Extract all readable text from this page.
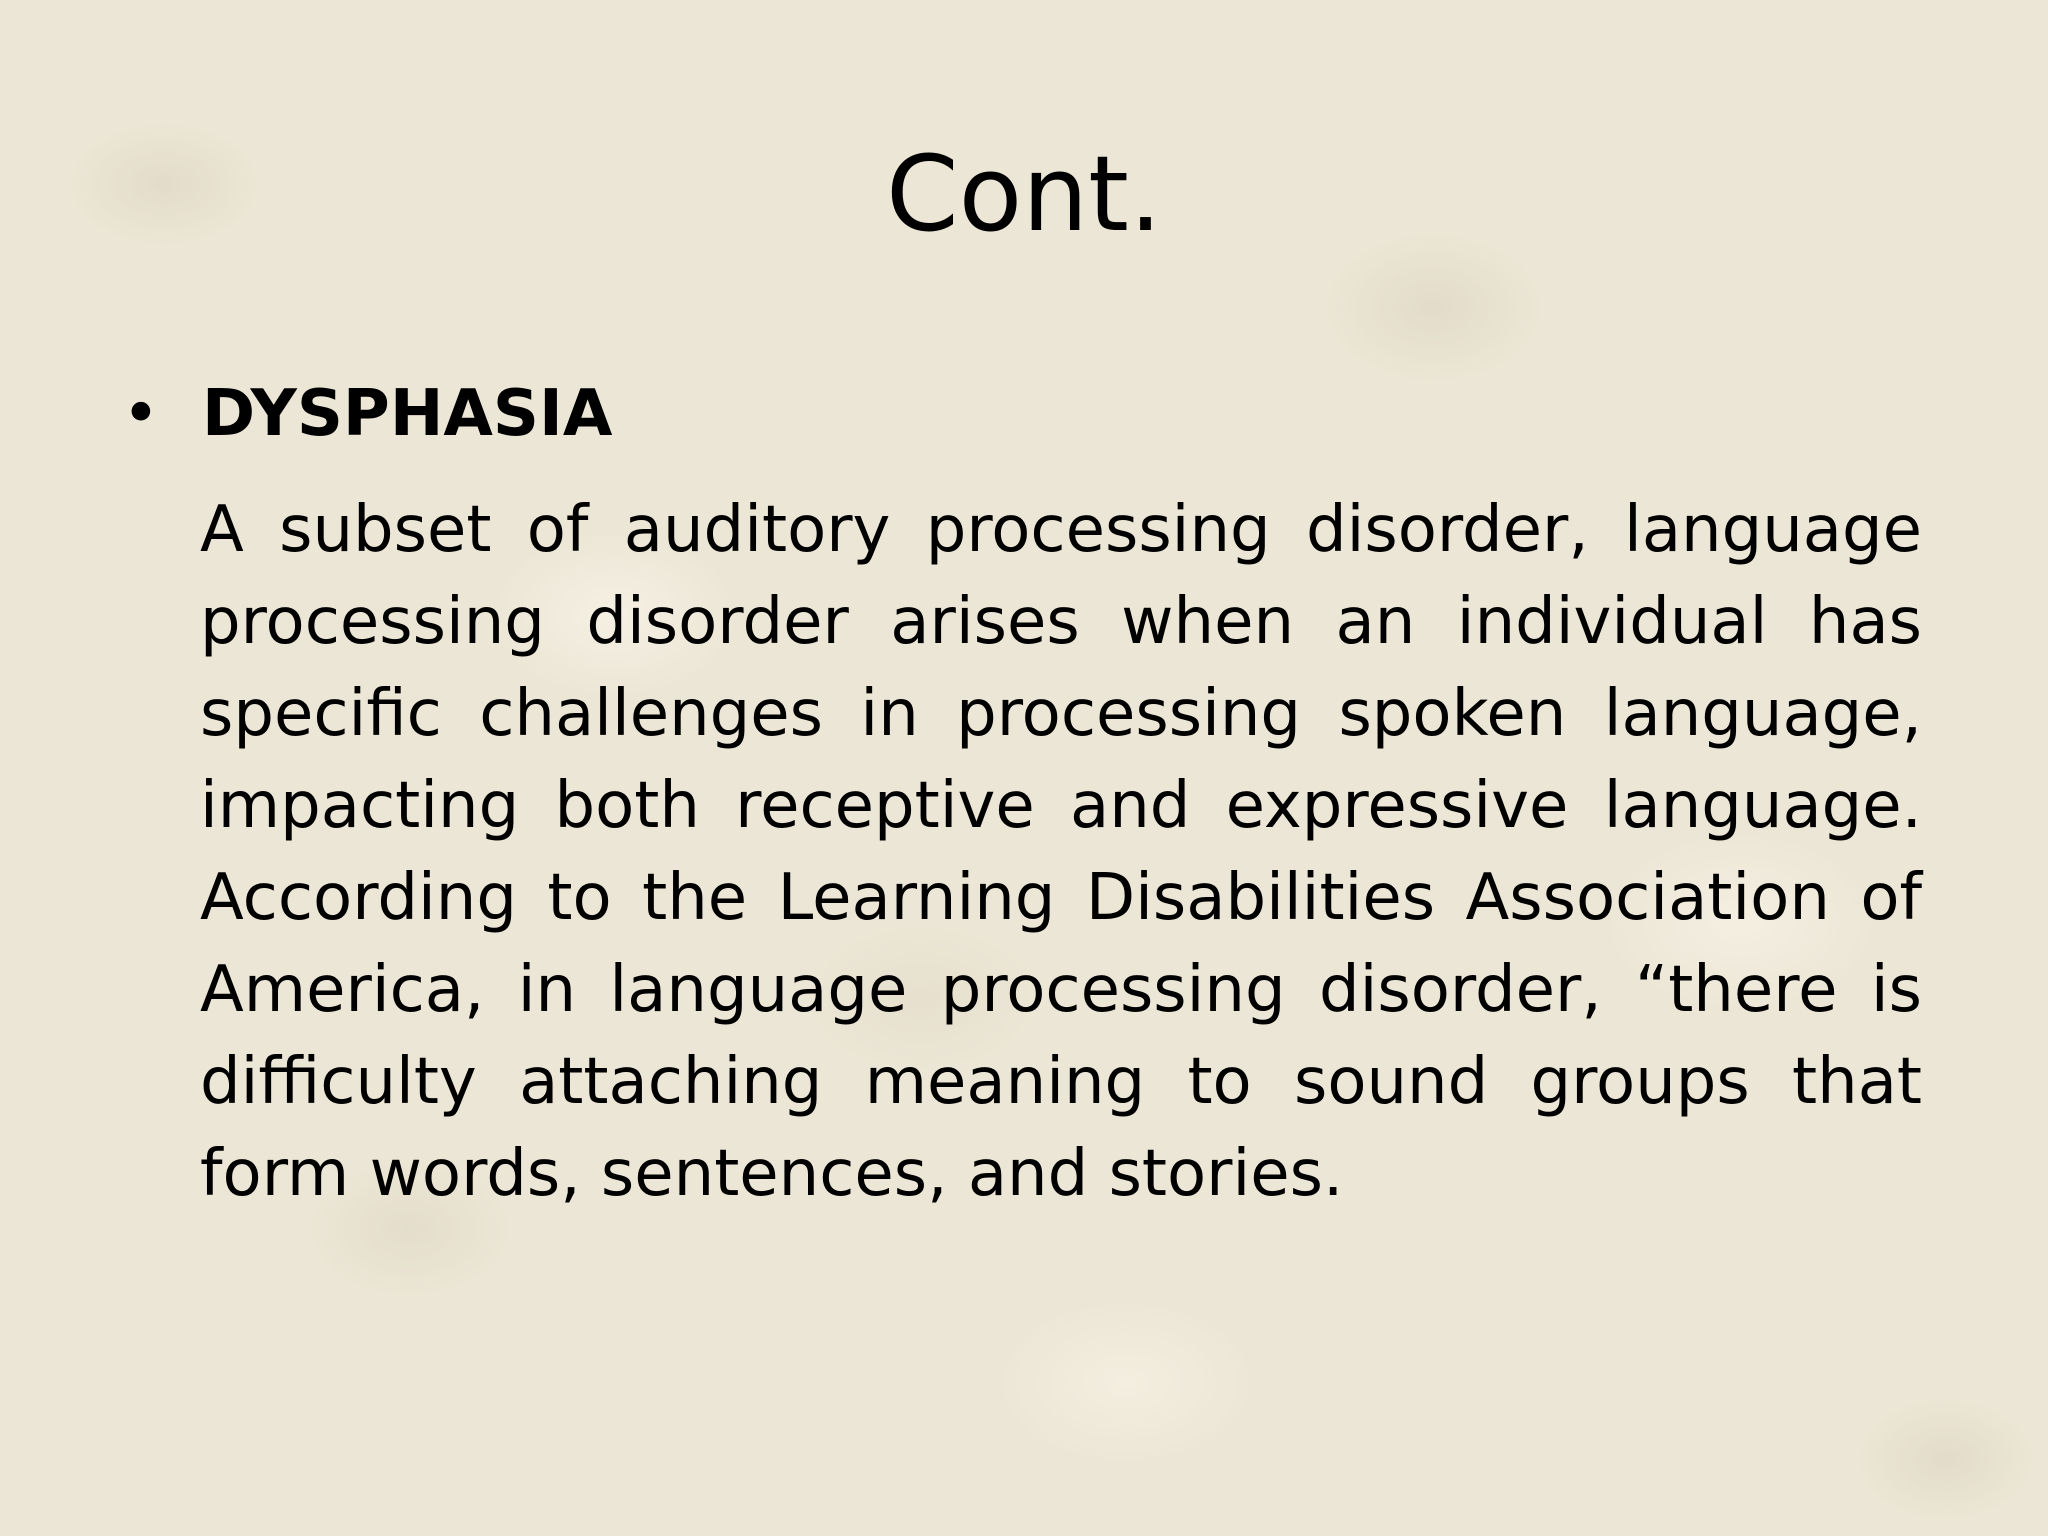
Cont.
• DYSPHASIA

A subset of auditory processing disorder, language processing disorder arises when an individual has specific challenges in processing spoken language, impacting both receptive and expressive language. According to the Learning Disabilities Association of America, in language processing disorder, “there is difficulty attaching meaning to sound groups that form words, sentences, and stories.
